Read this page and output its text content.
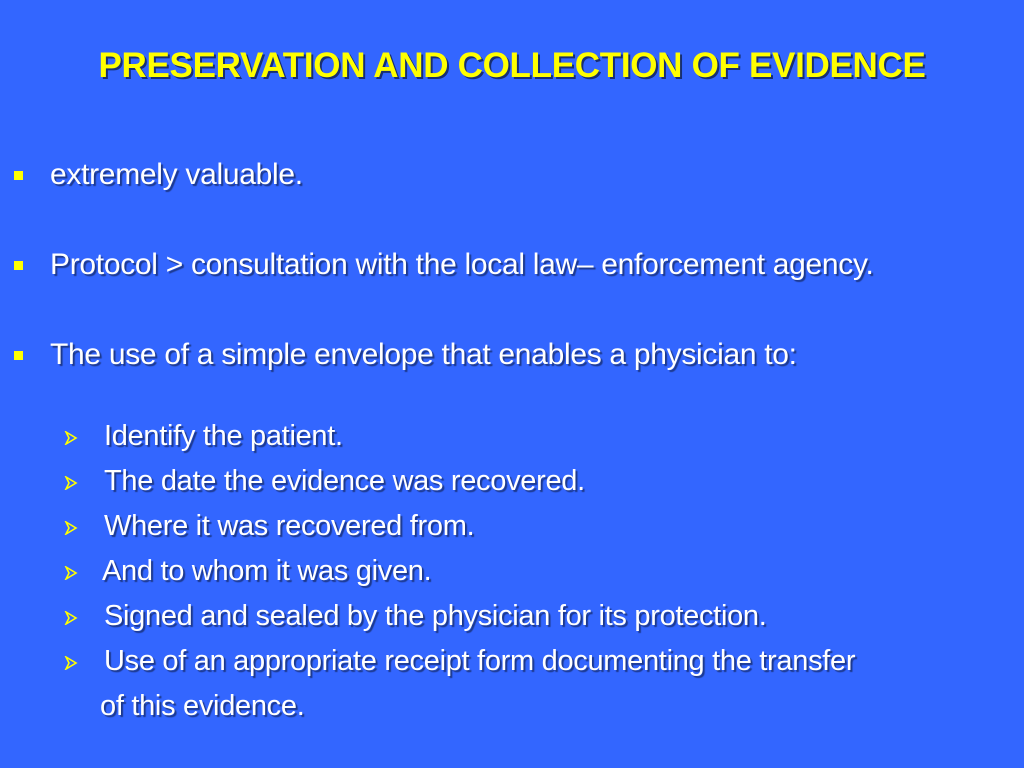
PRESERVATION AND COLLECTION OF EVIDENCE
extremely valuable.
Protocol > consultation with the local law– enforcement agency.
The use of a simple envelope that enables a physician to:
Identify the patient.
The date the evidence was recovered.
Where it was recovered from.
And to whom it was given.
Signed and sealed by the physician for its protection.
Use of an appropriate receipt form documenting the transfer
of this evidence.
